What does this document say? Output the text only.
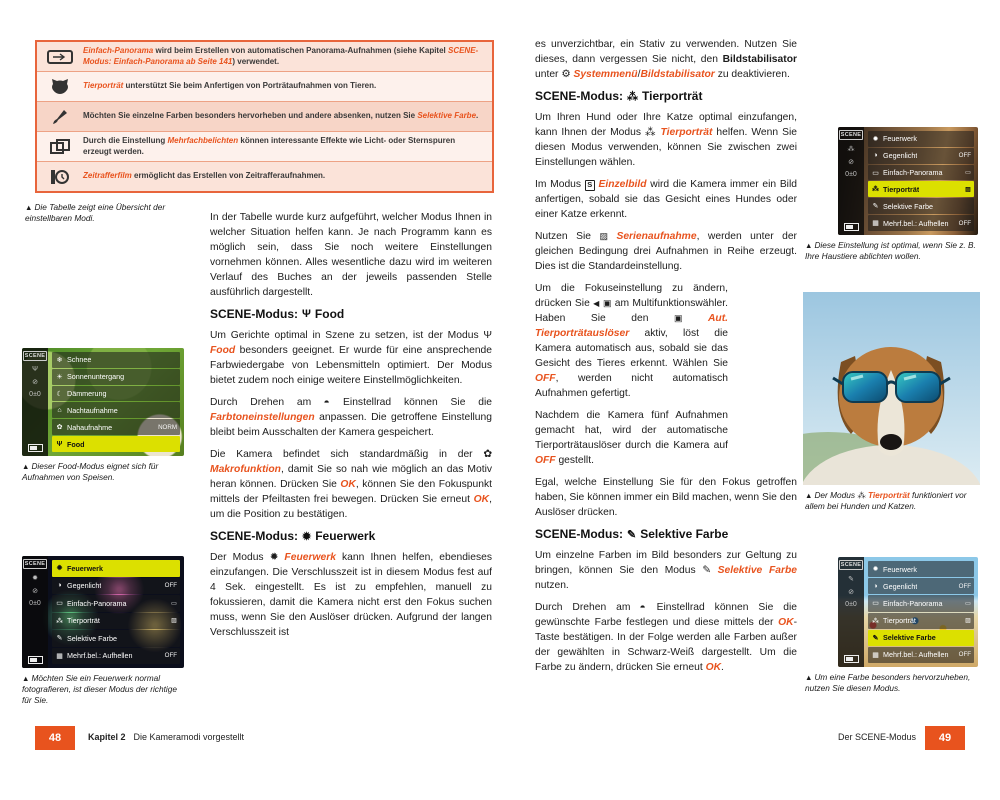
Einfach-Panorama wird beim Erstellen von automatischen Panorama-Aufnahmen (siehe Kapitel SCENE-Modus: Einfach-Panorama ab Seite 141) verwendet.
Tierporträt unterstützt Sie beim Anfertigen von Porträtaufnahmen von Tieren.
Möchten Sie einzelne Farben besonders hervorheben und andere absenken, nutzen Sie Selektive Farbe.
Durch die Einstellung Mehrfachbelichten können interessante Effekte wie Licht- oder Sternspuren erzeugt werden.
Zeitrafferfilm ermöglicht das Erstellen von Zeitrafferaufnahmen.
▲ Die Tabelle zeigt eine Übersicht der einstellbaren Modi.
SCENE
Ψ
⊘
0±0
❄ Schnee
☀ Sonnenuntergang
☾ Dämmerung
⌂ Nachtaufnahme
✿ Nahaufnahme	NORM
Ψ Food
▲ Dieser Food-Modus eignet sich für Aufnahmen von Speisen.
SCENE
✹
⊘
0±0
✹ Feuerwerk
◑ Gegenlicht	OFF
▭ Einfach-Panorama	▭
⁂ Tierporträt	▨
✎ Selektive Farbe
▦ Mehrf.bel.: Aufhellen	OFF
▲ Möchten Sie ein Feuerwerk normal fotografieren, ist dieser Modus der richtige für Sie.

In der Tabelle wurde kurz aufgeführt, welcher Modus Ihnen in welcher Situation helfen kann. Je nach Programm kann es möglich sein, dass Sie noch weitere Einstellungen vornehmen können. Alles wesentliche dazu wird im weiteren Verlauf des Buches an der jeweils passenden Stelle ausführlich dargestellt.

SCENE-Modus: Ψ Food

Um Gerichte optimal in Szene zu setzen, ist der Modus Ψ Food besonders geeignet. Er wurde für eine ansprechende Farbwiedergabe von Lebensmitteln optimiert. Der Modus bietet zudem noch einige weitere Einstellmöglichkeiten.

Durch Drehen am ◑ Einstellrad können Sie die Farbtoneinstellungen anpassen. Die getroffene Einstellung bleibt beim Ausschalten der Kamera gespeichert.

Die Kamera befindet sich standardmäßig in der ✿ Makrofunktion, damit Sie so nah wie möglich an das Motiv heran können. Drücken Sie OK, können Sie den Fokuspunkt mittels der Pfeiltasten frei bewegen. Drücken Sie erneut OK, um die Position zu bestätigen.

SCENE-Modus: ✹ Feuerwerk

Der Modus ✹ Feuerwerk kann Ihnen helfen, ebendieses einzufangen. Die Verschlusszeit ist in diesem Modus fest auf 4 Sek. eingestellt. Es ist zu empfehlen, manuell zu fokussieren, damit die Kamera nicht erst den Fokus suchen muss, wenn Sie den Auslöser drücken. Aufgrund der langen Verschlusszeit ist

es unverzichtbar, ein Stativ zu verwenden. Nutzen Sie dieses, dann vergessen Sie nicht, den Bildstabilisator unter ⚙ Systemmenü/Bildstabilisator zu deaktivieren.

SCENE-Modus: ⁂ Tierporträt

Um Ihren Hund oder Ihre Katze optimal einzufangen, kann Ihnen der Modus ⁂ Tierporträt helfen. Wenn Sie diesen Modus verwenden, können Sie zwischen zwei Einstellungen wählen.

Im Modus S Einzelbild wird die Kamera immer ein Bild anfertigen, sobald sie das Gesicht eines Hundes oder einer Katze erkennt.

Nutzen Sie ▨ Serienaufnahme, werden unter der gleichen Bedingung drei Aufnahmen in Reihe erzeugt. Dies ist die Standardeinstellung.

Um die Fokuseinstellung zu ändern, drücken Sie ◀ ▣ am Multifunktionswähler. Haben Sie den ▣ Aut. Tierporträtauslöser aktiv, löst die Kamera automatisch aus, sobald sie das Gesicht des Tieres erkennt. Wählen Sie OFF, werden nicht automatisch Aufnahmen gefertigt.

Nachdem die Kamera fünf Aufnahmen gemacht hat, wird der automatische Tierporträtauslöser durch die Kamera auf OFF gestellt.

Egal, welche Einstellung Sie für den Fokus getroffen haben, Sie können immer ein Bild machen, wenn Sie den Auslöser drücken.

SCENE-Modus: ✎ Selektive Farbe

Um einzelne Farben im Bild besonders zur Geltung zu bringen, können Sie den Modus ✎ Selektive Farbe nutzen.

Durch Drehen am ◑ Einstellrad können Sie die gewünschte Farbe festlegen und diese mittels der OK-Taste bestätigen. In der Folge werden alle Farben außer der gewählten in Schwarz-Weiß dargestellt. Um die Farbe zu ändern, drücken Sie erneut OK.

SCENE
⁂
⊘
0±0
✹ Feuerwerk
◑ Gegenlicht	OFF
▭ Einfach-Panorama	▭
⁂ Tierporträt	▨
✎ Selektive Farbe
▦ Mehrf.bel.: Aufhellen OFF
▲ Diese Einstellung ist optimal, wenn Sie z. B. Ihre Haustiere ablichten wollen.
▲ Der Modus ⁂ Tierporträt funktioniert vor allem bei Hunden und Katzen.
SCENE
✎
⊘
0±0
✹ Feuerwerk
◑ Gegenlicht	OFF
▭ Einfach-Panorama	▭
⁂ Tierporträt	▨
✎ Selektive Farbe
▦ Mehrf.bel.: Aufhellen OFF
▲ Um eine Farbe besonders hervorzuheben, nutzen Sie diesen Modus.
48	Kapitel 2 Die Kameramodi vorgestellt	Der SCENE-Modus	49
